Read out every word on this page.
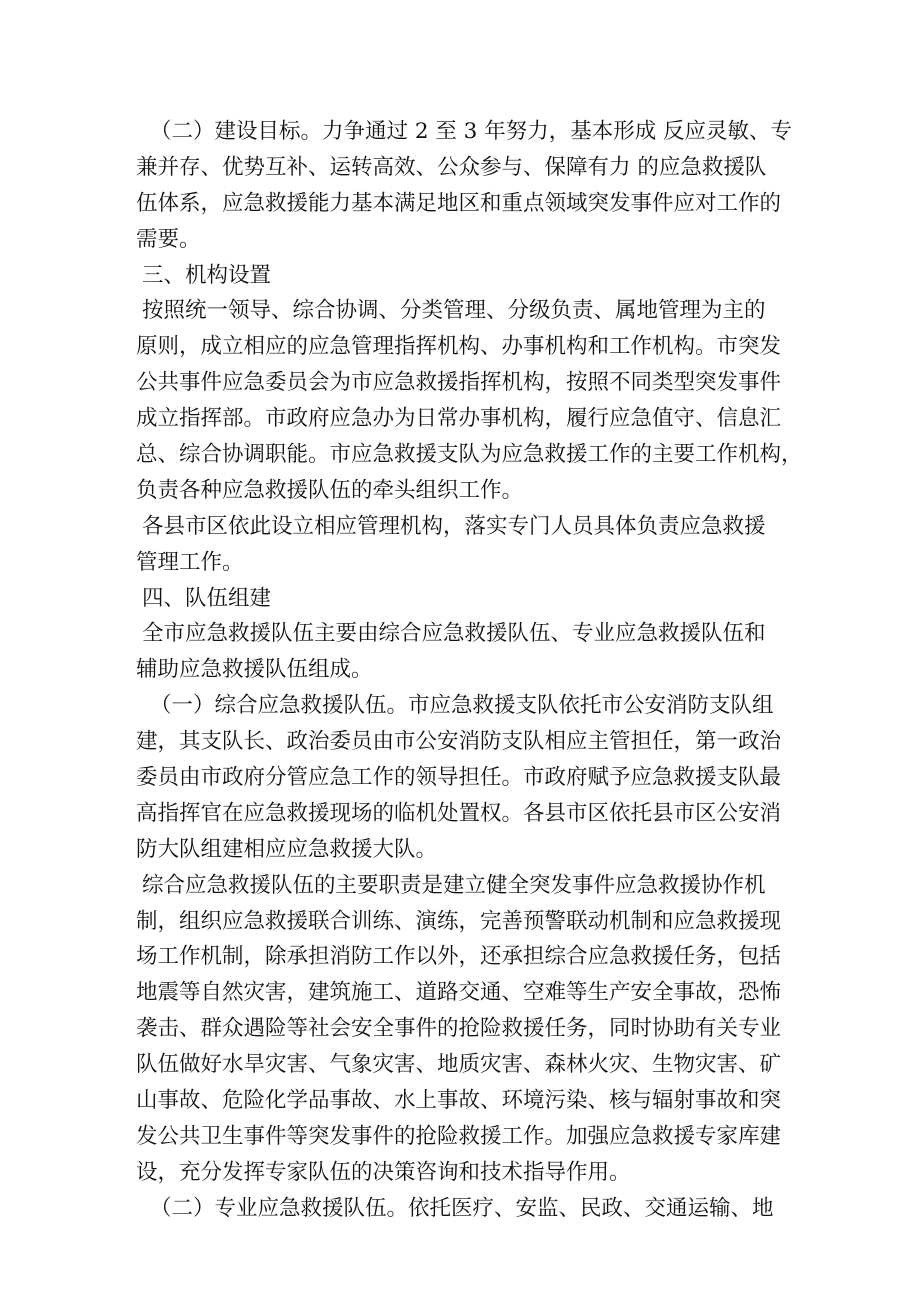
（二）建设目标。力争通过 2 至 3 年努力，基本形成 反应灵敏、专
兼并存、优势互补、运转高效、公众参与、保障有力 的应急救援队
伍体系，应急救援能力基本满足地区和重点领域突发事件应对工作的
需要。
三、机构设置
按照统一领导、综合协调、分类管理、分级负责、属地管理为主的
原则，成立相应的应急管理指挥机构、办事机构和工作机构。市突发
公共事件应急委员会为市应急救援指挥机构，按照不同类型突发事件
成立指挥部。市政府应急办为日常办事机构，履行应急值守、信息汇
总、综合协调职能。市应急救援支队为应急救援工作的主要工作机构，
负责各种应急救援队伍的牵头组织工作。
各县市区依此设立相应管理机构，落实专门人员具体负责应急救援
管理工作。
四、队伍组建
全市应急救援队伍主要由综合应急救援队伍、专业应急救援队伍和
辅助应急救援队伍组成。
（一）综合应急救援队伍。市应急救援支队依托市公安消防支队组
建，其支队长、政治委员由市公安消防支队相应主管担任，第一政治
委员由市政府分管应急工作的领导担任。市政府赋予应急救援支队最
高指挥官在应急救援现场的临机处置权。各县市区依托县市区公安消
防大队组建相应应急救援大队。
综合应急救援队伍的主要职责是建立健全突发事件应急救援协作机
制，组织应急救援联合训练、演练，完善预警联动机制和应急救援现
场工作机制，除承担消防工作以外，还承担综合应急救援任务，包括
地震等自然灾害，建筑施工、道路交通、空难等生产安全事故，恐怖
袭击、群众遇险等社会安全事件的抢险救援任务，同时协助有关专业
队伍做好水旱灾害、气象灾害、地质灾害、森林火灾、生物灾害、矿
山事故、危险化学品事故、水上事故、环境污染、核与辐射事故和突
发公共卫生事件等突发事件的抢险救援工作。加强应急救援专家库建
设，充分发挥专家队伍的决策咨询和技术指导作用。
（二）专业应急救援队伍。依托医疗、安监、民政、交通运输、地
